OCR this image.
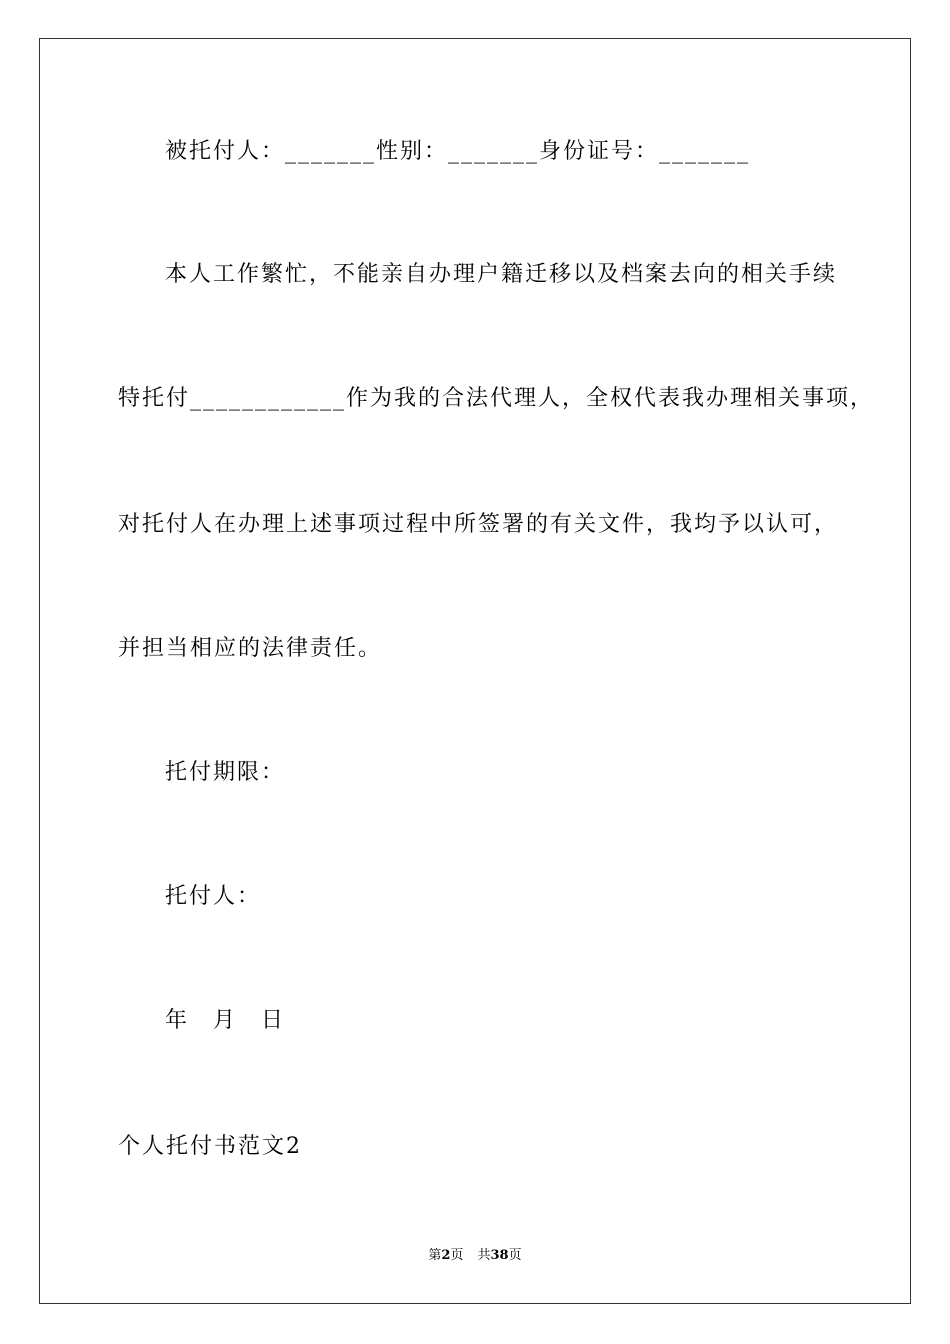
被托付人：_______性别：_______身份证号：_______
本人工作繁忙，不能亲自办理户籍迁移以及档案去向的相关手续
特托付____________作为我的合法代理人，全权代表我办理相关事项，
对托付人在办理上述事项过程中所签署的有关文件，我均予以认可，
并担当相应的法律责任。
托付期限：
托付人：
年 月 日
个人托付书范文2
第2页 共38页
